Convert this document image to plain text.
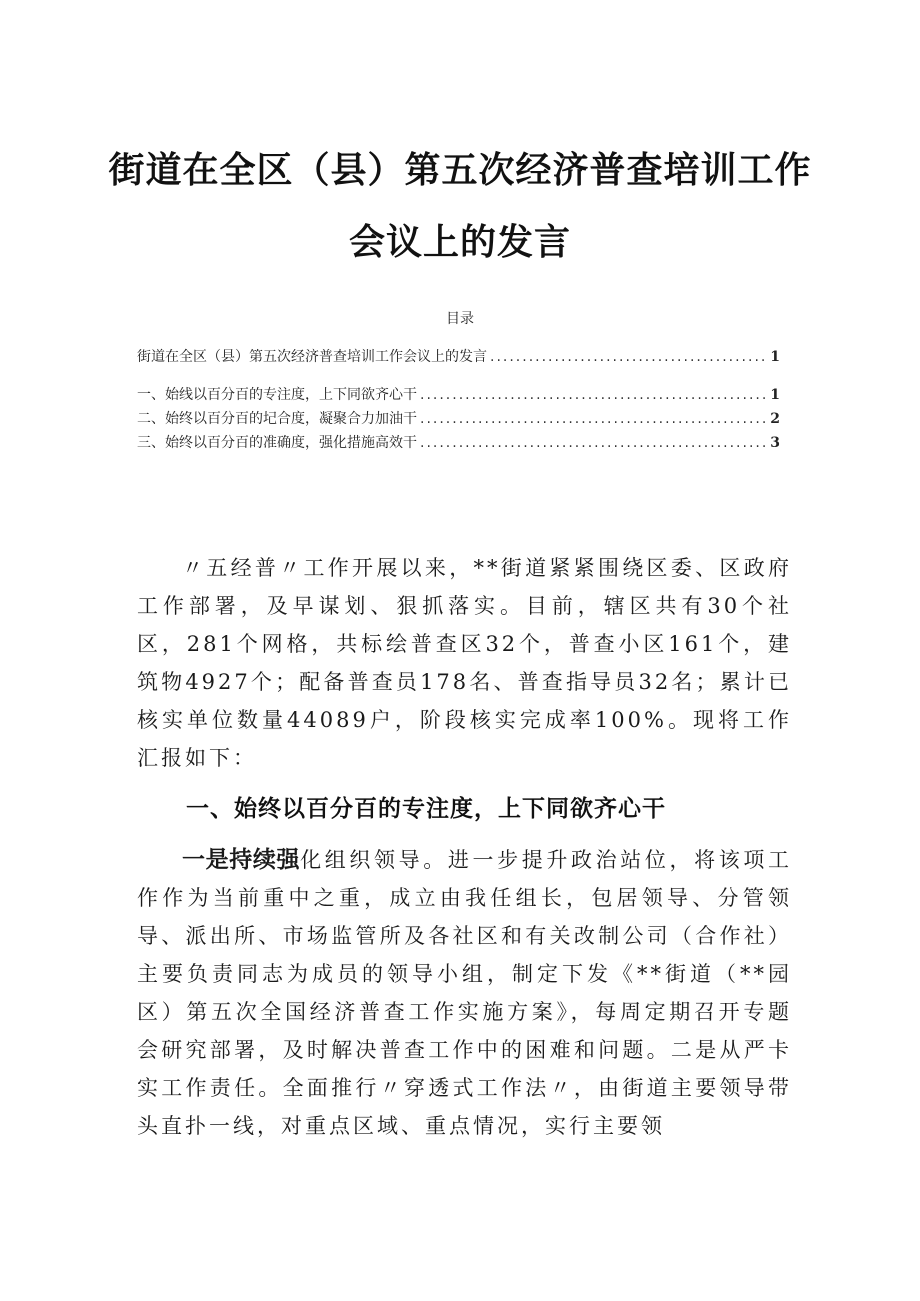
街道在全区（县）第五次经济普查培训工作
会议上的发言
目录
街道在全区（县）第五次经济普查培训工作会议上的发言 .....	1
一、始线以百分百的专注度，上下同欲齐心干 .....	1
二、始终以百分百的圮合度，凝聚合力加油干 .....	2
三、始终以百分百的准确度，强化措施高效干 .....	3
〃五经普〃工作开展以来，**街道紧紧围绕区委、区政府工作部署，及早谋划、狠抓落实。目前，辖区共有30个社区，281个网格，共标绘普查区32个，普查小区161个，建筑物4927个；配备普查员178名、普查指导员32名；累计已核实单位数量44089户，阶段核实完成率100%。现将工作汇报如下：
一、始终以百分百的专注度，上下同欲齐心干
一是持续强化组织领导。进一步提升政治站位，将该项工作作为当前重中之重，成立由我任组长，包居领导、分管领导、派出所、市场监管所及各社区和有关改制公司（合作社）主要负责同志为成员的领导小组，制定下发《**街道（**园区）第五次全国经济普查工作实施方案》，每周定期召开专题会研究部署，及时解决普查工作中的困难和问题。二是从严卡实工作责任。全面推行〃穿透式工作法〃，由街道主要领导带头直扑一线，对重点区域、重点情况，实行主要领
